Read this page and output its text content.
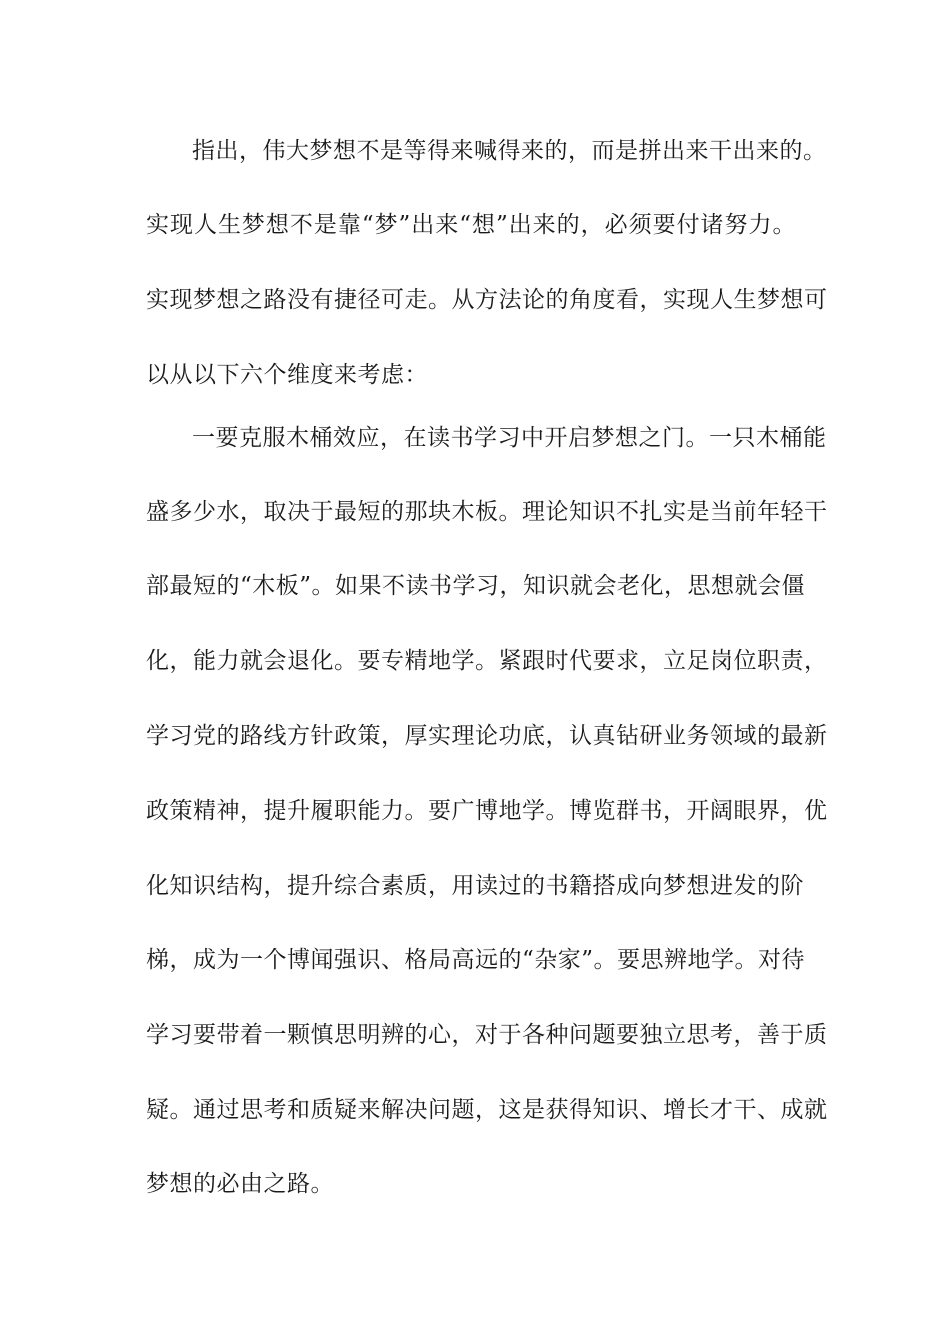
指出，伟大梦想不是等得来喊得来的，而是拼出来干出来的。
实现人生梦想不是靠“梦”出来“想”出来的，必须要付诸努力。
实现梦想之路没有捷径可走。从方法论的角度看，实现人生梦想可
以从以下六个维度来考虑：
一要克服木桶效应，在读书学习中开启梦想之门。一只木桶能
盛多少水，取决于最短的那块木板。理论知识不扎实是当前年轻干
部最短的“木板”。如果不读书学习，知识就会老化，思想就会僵
化，能力就会退化。要专精地学。紧跟时代要求，立足岗位职责，
学习党的路线方针政策，厚实理论功底，认真钻研业务领域的最新
政策精神，提升履职能力。要广博地学。博览群书，开阔眼界，优
化知识结构，提升综合素质，用读过的书籍搭成向梦想进发的阶
梯，成为一个博闻强识、格局高远的“杂家”。要思辨地学。对待
学习要带着一颗慎思明辨的心，对于各种问题要独立思考，善于质
疑。通过思考和质疑来解决问题，这是获得知识、增长才干、成就
梦想的必由之路。
